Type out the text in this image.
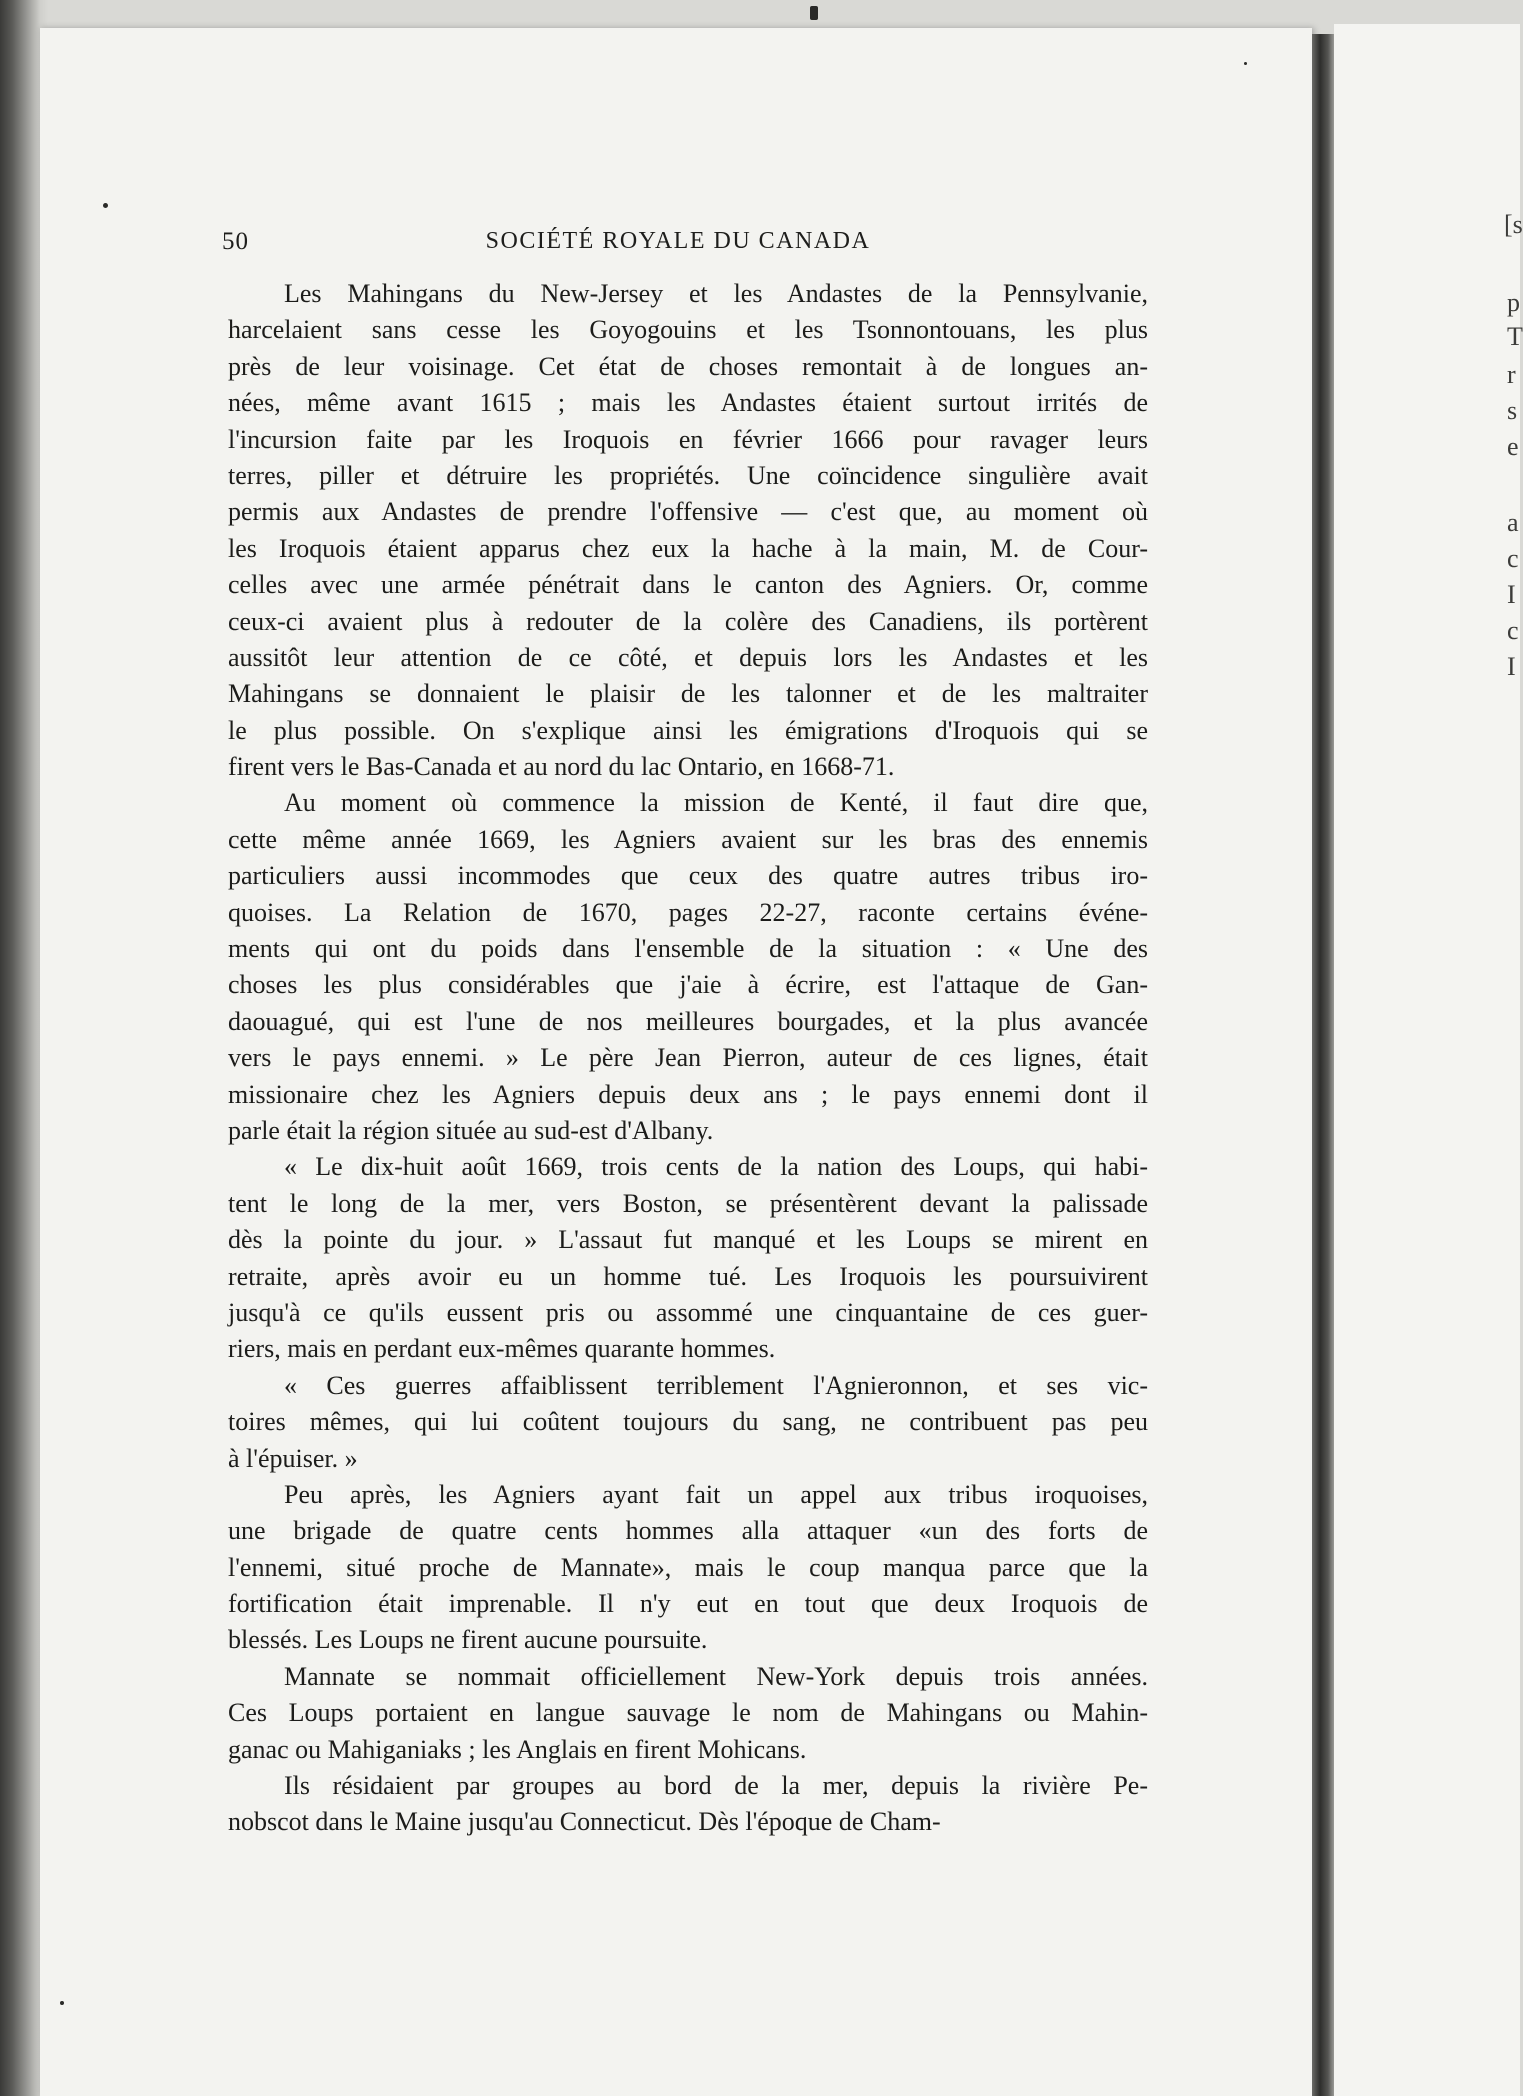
[s
p
T
r
s
e
a
c
I
c
I
50	SOCIÉTÉ ROYALE DU CANADA
Les Mahingans du New-Jersey et les Andastes de la Pennsylvanie,
harcelaient sans cesse les Goyogouins et les Tsonnontouans, les plus
près de leur voisinage. Cet état de choses remontait à de longues an-
nées, même avant 1615 ; mais les Andastes étaient surtout irrités de
l'incursion faite par les Iroquois en février 1666 pour ravager leurs
terres, piller et détruire les propriétés. Une coïncidence singulière avait
permis aux Andastes de prendre l'offensive — c'est que, au moment où
les Iroquois étaient apparus chez eux la hache à la main, M. de Cour-
celles avec une armée pénétrait dans le canton des Agniers. Or, comme
ceux-ci avaient plus à redouter de la colère des Canadiens, ils portèrent
aussitôt leur attention de ce côté, et depuis lors les Andastes et les
Mahingans se donnaient le plaisir de les talonner et de les maltraiter
le plus possible. On s'explique ainsi les émigrations d'Iroquois qui se
firent vers le Bas-Canada et au nord du lac Ontario, en 1668-71.
Au moment où commence la mission de Kenté, il faut dire que,
cette même année 1669, les Agniers avaient sur les bras des ennemis
particuliers aussi incommodes que ceux des quatre autres tribus iro-
quoises. La Relation de 1670, pages 22-27, raconte certains événe-
ments qui ont du poids dans l'ensemble de la situation : « Une des
choses les plus considérables que j'aie à écrire, est l'attaque de Gan-
daouagué, qui est l'une de nos meilleures bourgades, et la plus avancée
vers le pays ennemi. » Le père Jean Pierron, auteur de ces lignes, était
missionaire chez les Agniers depuis deux ans ; le pays ennemi dont il
parle était la région située au sud-est d'Albany.
« Le dix-huit août 1669, trois cents de la nation des Loups, qui habi-
tent le long de la mer, vers Boston, se présentèrent devant la palissade
dès la pointe du jour. » L'assaut fut manqué et les Loups se mirent en
retraite, après avoir eu un homme tué. Les Iroquois les poursuivirent
jusqu'à ce qu'ils eussent pris ou assommé une cinquantaine de ces guer-
riers, mais en perdant eux-mêmes quarante hommes.
« Ces guerres affaiblissent terriblement l'Agnieronnon, et ses vic-
toires mêmes, qui lui coûtent toujours du sang, ne contribuent pas peu
à l'épuiser. »
Peu après, les Agniers ayant fait un appel aux tribus iroquoises,
une brigade de quatre cents hommes alla attaquer «un des forts de
l'ennemi, situé proche de Mannate», mais le coup manqua parce que la
fortification était imprenable. Il n'y eut en tout que deux Iroquois de
blessés. Les Loups ne firent aucune poursuite.
Mannate se nommait officiellement New-York depuis trois années.
Ces Loups portaient en langue sauvage le nom de Mahingans ou Mahin-
ganac ou Mahiganiaks ; les Anglais en firent Mohicans.
Ils résidaient par groupes au bord de la mer, depuis la rivière Pe-
nobscot dans le Maine jusqu'au Connecticut. Dès l'époque de Cham-
